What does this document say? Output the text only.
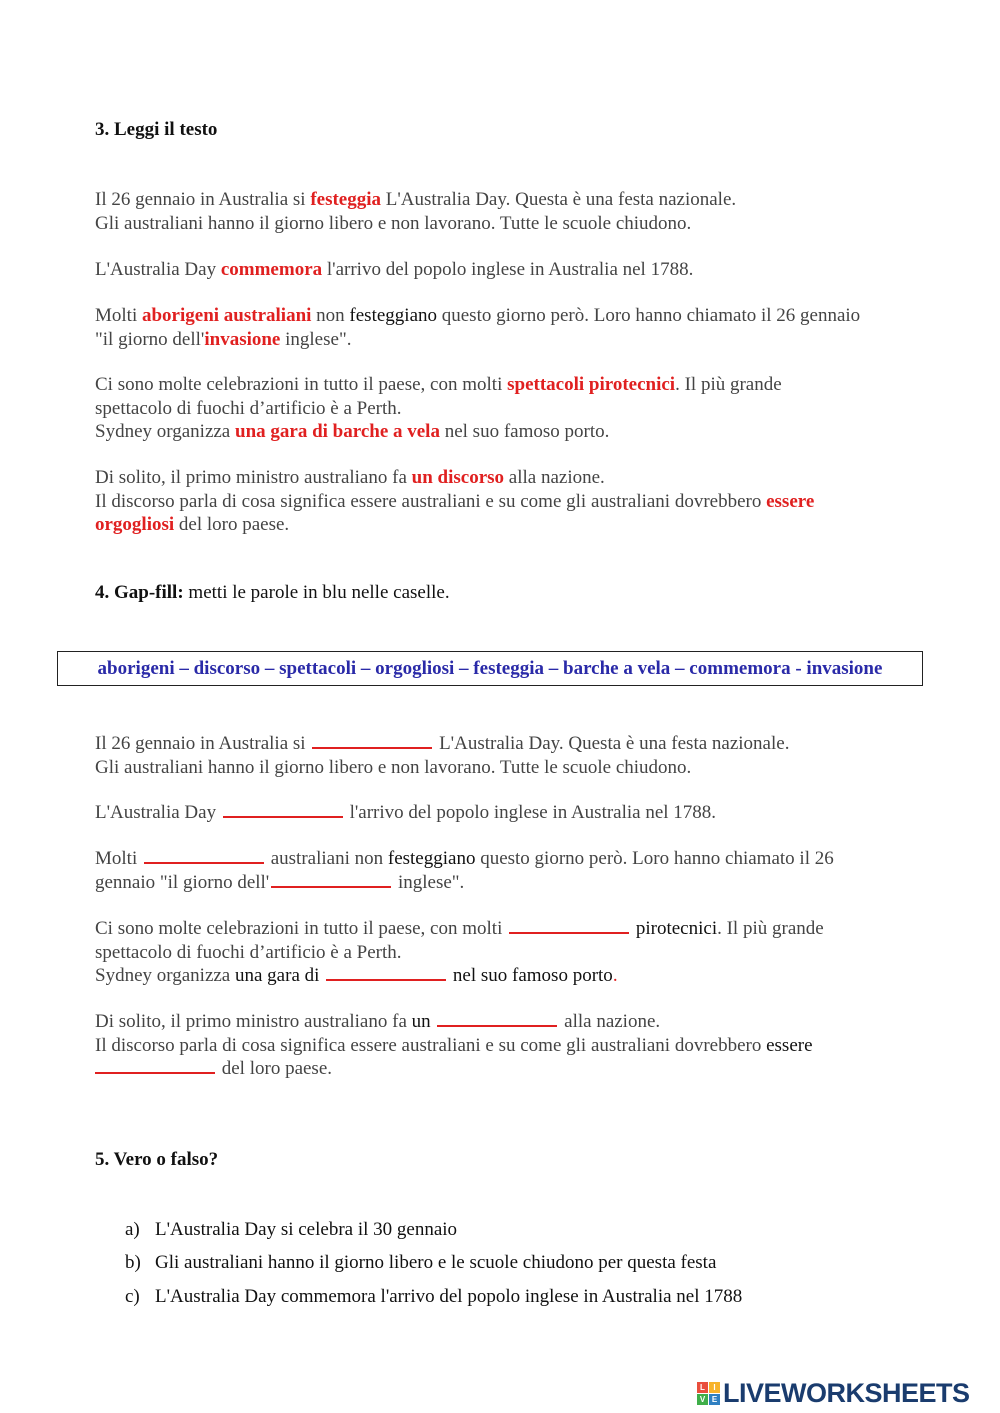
3. Leggi il testo
Il 26 gennaio in Australia si festeggia L'Australia Day. Questa è una festa nazionale.
Gli australiani hanno il giorno libero e non lavorano. Tutte le scuole chiudono.
L'Australia Day commemora l'arrivo del popolo inglese in Australia nel 1788.
Molti aborigeni australiani non festeggiano questo giorno però. Loro hanno chiamato il 26 gennaio "il giorno dell'invasione inglese".
Ci sono molte celebrazioni in tutto il paese, con molti spettacoli pirotecnici. Il più grande spettacolo di fuochi d’artificio è a Perth.
Sydney organizza una gara di barche a vela nel suo famoso porto.
Di solito, il primo ministro australiano fa un discorso alla nazione.
Il discorso parla di cosa significa essere australiani e su come gli australiani dovrebbero essere orgogliosi del loro paese.
4. Gap-fill: metti le parole in blu nelle caselle.
aborigeni – discorso – spettacoli – orgogliosi – festeggia – barche a vela – commemora - invasione
Il 26 gennaio in Australia si	L'Australia Day. Questa è una festa nazionale.
Gli australiani hanno il giorno libero e non lavorano. Tutte le scuole chiudono.
L'Australia Day	l'arrivo del popolo inglese in Australia nel 1788.
Molti	australiani non festeggiano questo giorno però. Loro hanno chiamato il 26 gennaio "il giorno dell'	inglese".
Ci sono molte celebrazioni in tutto il paese, con molti	pirotecnici. Il più grande spettacolo di fuochi d’artificio è a Perth.
Sydney organizza una gara di	nel suo famoso porto.
Di solito, il primo ministro australiano fa un	alla nazione.
Il discorso parla di cosa significa essere australiani e su come gli australiani dovrebbero essere
del loro paese.
5. Vero o falso?
a) L'Australia Day si celebra il 30 gennaio
b) Gli australiani hanno il giorno libero e le scuole chiudono per questa festa
c) L'Australia Day commemora l'arrivo del popolo inglese in Australia nel 1788
L	I
V E LIVEWORKSHEETS
